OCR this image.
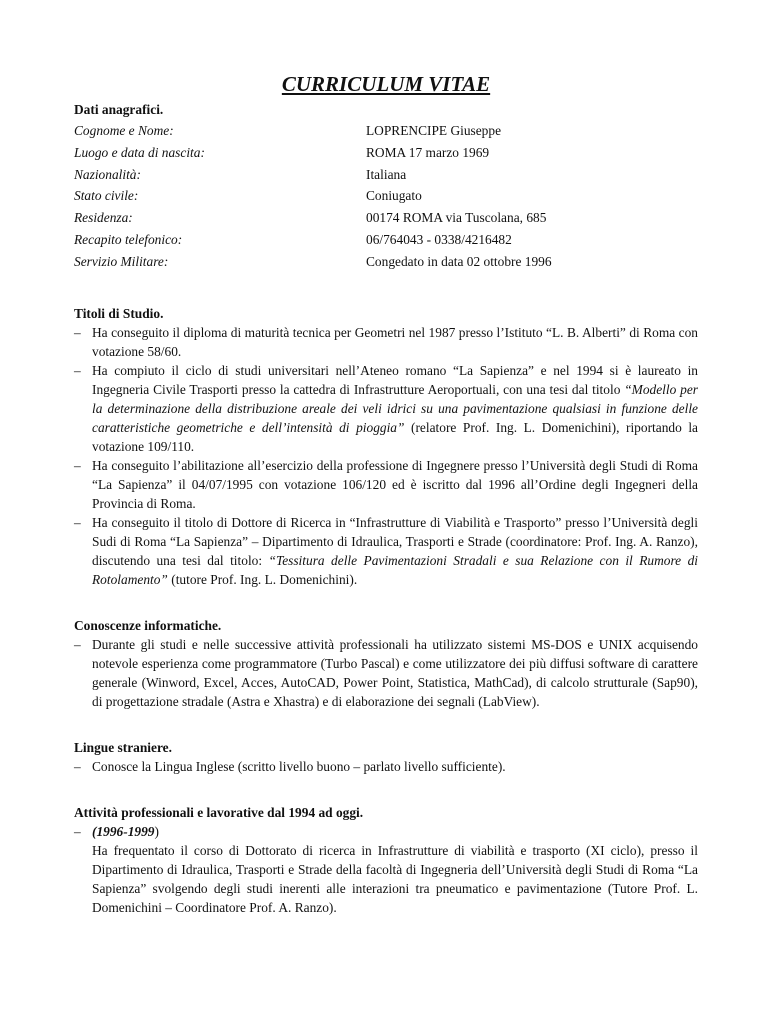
CURRICULUM VITAE

Dati anagrafici.

Cognome e Nome:	LOPRENCIPE Giuseppe
Luogo e data di nascita:	ROMA 17 marzo 1969
Nazionalità:	Italiana
Stato civile:	Coniugato
Residenza:	00174 ROMA via Tuscolana, 685
Recapito telefonico:	06/764043 - 0338/4216482
Servizio Militare:	Congedato in data 02 ottobre 1996

Titoli di Studio.

– Ha conseguito il diploma di maturità tecnica per Geometri nel 1987 presso l’Istituto “L. B. Alberti” di Roma con votazione 58/60.
– Ha compiuto il ciclo di studi universitari nell’Ateneo romano “La Sapienza” e nel 1994 si è laureato in Ingegneria Civile Trasporti presso la cattedra di Infrastrutture Aeroportuali, con una tesi dal titolo “Modello per la determinazione della distribuzione areale dei veli idrici su una pavimentazione qualsiasi in funzione delle caratteristiche geometriche e dell’intensità di pioggia” (relatore Prof. Ing. L. Domenichini), riportando la votazione 109/110.
– Ha conseguito l’abilitazione all’esercizio della professione di Ingegnere presso l’Università degli Studi di Roma “La Sapienza” il 04/07/1995 con votazione 106/120 ed è iscritto dal 1996 all’Ordine degli Ingegneri della Provincia di Roma.
– Ha conseguito il titolo di Dottore di Ricerca in “Infrastrutture di Viabilità e Trasporto” presso l’Università degli Sudi di Roma “La Sapienza” – Dipartimento di Idraulica, Trasporti e Strade (coordinatore: Prof. Ing. A. Ranzo), discutendo una tesi dal titolo: “Tessitura delle Pavimentazioni Stradali e sua Relazione con il Rumore di Rotolamento” (tutore Prof. Ing. L. Domenichini).

Conoscenze informatiche.

– Durante gli studi e nelle successive attività professionali ha utilizzato sistemi MS-DOS e UNIX acquisendo notevole esperienza come programmatore (Turbo Pascal) e come utilizzatore dei più diffusi software di carattere generale (Winword, Excel, Acces, AutoCAD, Power Point, Statistica, MathCad), di calcolo strutturale (Sap90), di progettazione stradale (Astra e Xhastra) e di elaborazione dei segnali (LabView).

Lingue straniere.

– Conosce la Lingua Inglese (scritto livello buono – parlato livello sufficiente).

Attività professionali e lavorative dal 1994 ad oggi.

– (1996-1999)
Ha frequentato il corso di Dottorato di ricerca in Infrastrutture di viabilità e trasporto (XI ciclo), presso il Dipartimento di Idraulica, Trasporti e Strade della facoltà di Ingegneria dell’Università degli Studi di Roma “La Sapienza” svolgendo degli studi inerenti alle interazioni tra pneumatico e pavimentazione (Tutore Prof. L. Domenichini – Coordinatore Prof. A. Ranzo).
